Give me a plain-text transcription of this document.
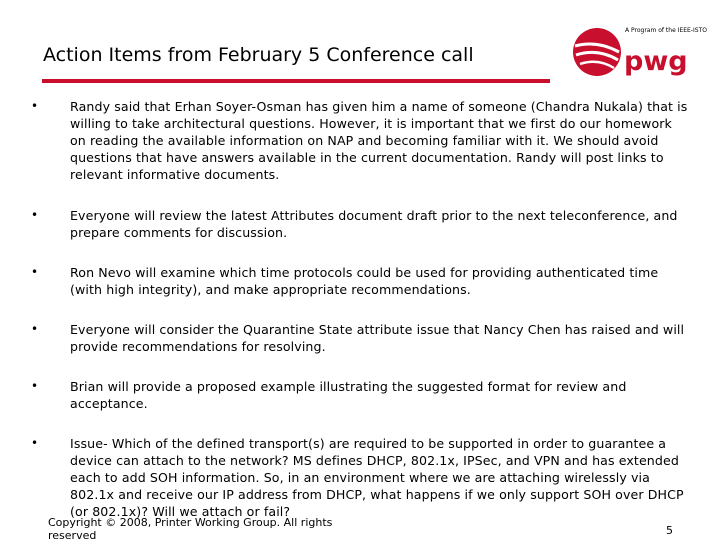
Action Items from February 5 Conference call	pwg
A Program of the IEEE-ISTO
•	Randy said that Erhan Soyer-Osman has given him a name of someone (Chandra Nukala) that is willing to take architectural questions. However, it is important that we first do our homework on reading the available information on NAP and becoming familiar with it. We should avoid questions that have answers available in the current documentation. Randy will post links to relevant informative documents.
•	Everyone will review the latest Attributes document draft prior to the next teleconference, and prepare comments for discussion.
•	Ron Nevo will examine which time protocols could be used for providing authenticated time (with high integrity), and make appropriate recommendations.
•	Everyone will consider the Quarantine State attribute issue that Nancy Chen has raised and will provide recommendations for resolving.
•	Brian will provide a proposed example illustrating the suggested format for review and acceptance.
•	Issue- Which of the defined transport(s) are required to be supported in order to guarantee a device can attach to the network? MS defines DHCP, 802.1x, IPSec, and VPN and has extended each to add SOH information. So, in an environment where we are attaching wirelessly via 802.1x and receive our IP address from DHCP, what happens if we only support SOH over DHCP (or 802.1x)? Will we attach or fail?
Copyright © 2008, Printer Working Group. All rights reserved	5
